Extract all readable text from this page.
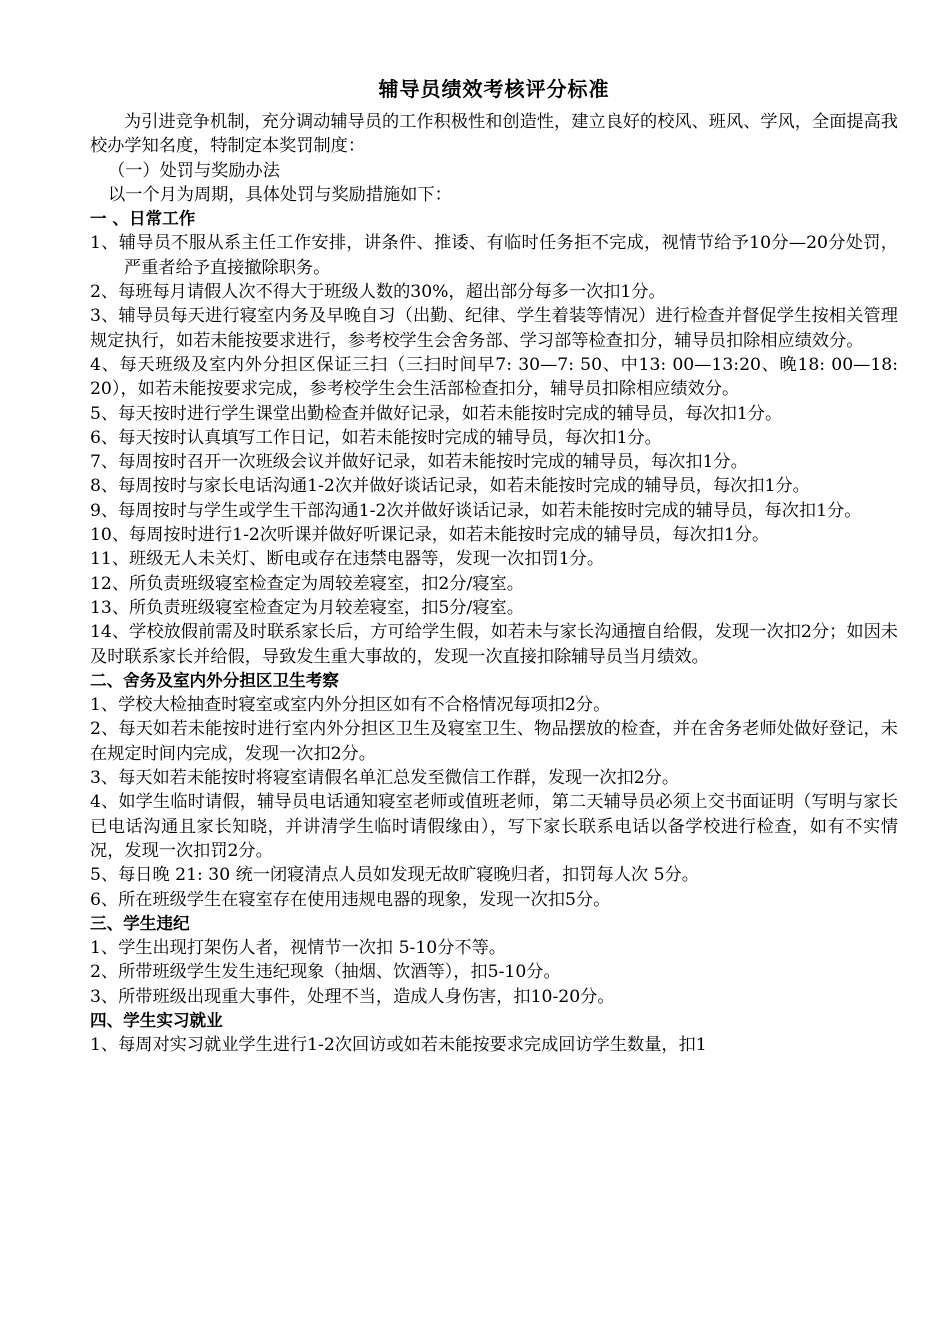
辅导员绩效考核评分标准

为引进竞争机制，充分调动辅导员的工作积极性和创造性，建立良好的校风、班风、学风，全面提高我校办学知名度，特制定本奖罚制度：

（一）处罚与奖励办法

以一个月为周期，具体处罚与奖励措施如下：

一 、日常工作

1、辅导员不服从系主任工作安排，讲条件、推诿、有临时任务拒不完成，视情节给予10分—20分处罚，严重者给予直接撤除职务。

2、每班每月请假人次不得大于班级人数的30%，超出部分每多一次扣1分。

3、辅导员每天进行寝室内务及早晚自习（出勤、纪律、学生着装等情况）进行检查并督促学生按相关管理规定执行，如若未能按要求进行，参考校学生会舍务部、学习部等检查扣分，辅导员扣除相应绩效分。

4、每天班级及室内外分担区保证三扫（三扫时间早7: 30—7: 50、中13: 00—13:20、晚18: 00—18: 20），如若未能按要求完成，参考校学生会生活部检查扣分，辅导员扣除相应绩效分。

5、每天按时进行学生课堂出勤检查并做好记录，如若未能按时完成的辅导员，每次扣1分。

6、每天按时认真填写工作日记，如若未能按时完成的辅导员，每次扣1分。

7、每周按时召开一次班级会议并做好记录，如若未能按时完成的辅导员，每次扣1分。

8、每周按时与家长电话沟通1-2次并做好谈话记录，如若未能按时完成的辅导员，每次扣1分。

9、每周按时与学生或学生干部沟通1-2次并做好谈话记录，如若未能按时完成的辅导员，每次扣1分。

10、每周按时进行1-2次听课并做好听课记录，如若未能按时完成的辅导员，每次扣1分。

11、班级无人未关灯、断电或存在违禁电器等，发现一次扣罚1分。

12、所负责班级寝室检查定为周较差寝室，扣2分/寝室。

13、所负责班级寝室检查定为月较差寝室，扣5分/寝室。

14、学校放假前需及时联系家长后，方可给学生假，如若未与家长沟通擅自给假，发现一次扣2分；如因未及时联系家长并给假，导致发生重大事故的，发现一次直接扣除辅导员当月绩效。

二、舍务及室内外分担区卫生考察

1、学校大检抽查时寝室或室内外分担区如有不合格情况每项扣2分。

2、每天如若未能按时进行室内外分担区卫生及寝室卫生、物品摆放的检查，并在舍务老师处做好登记，未在规定时间内完成，发现一次扣2分。

3、每天如若未能按时将寝室请假名单汇总发至微信工作群，发现一次扣2分。

4、如学生临时请假，辅导员电话通知寝室老师或值班老师，第二天辅导员必须上交书面证明（写明与家长已电话沟通且家长知晓，并讲清学生临时请假缘由），写下家长联系电话以备学校进行检查，如有不实情况，发现一次扣罚2分。

5、每日晚 21: 30 统一闭寝清点人员如发现无故旷寝晚归者，扣罚每人次 5分。

6、所在班级学生在寝室存在使用违规电器的现象，发现一次扣5分。

三、学生违纪

1、学生出现打架伤人者，视情节一次扣 5-10分不等。

2、所带班级学生发生违纪现象（抽烟、饮酒等），扣5-10分。

3、所带班级出现重大事件，处理不当，造成人身伤害，扣10-20分。

四、学生实习就业

1、每周对实习就业学生进行1-2次回访或如若未能按要求完成回访学生数量，扣1
